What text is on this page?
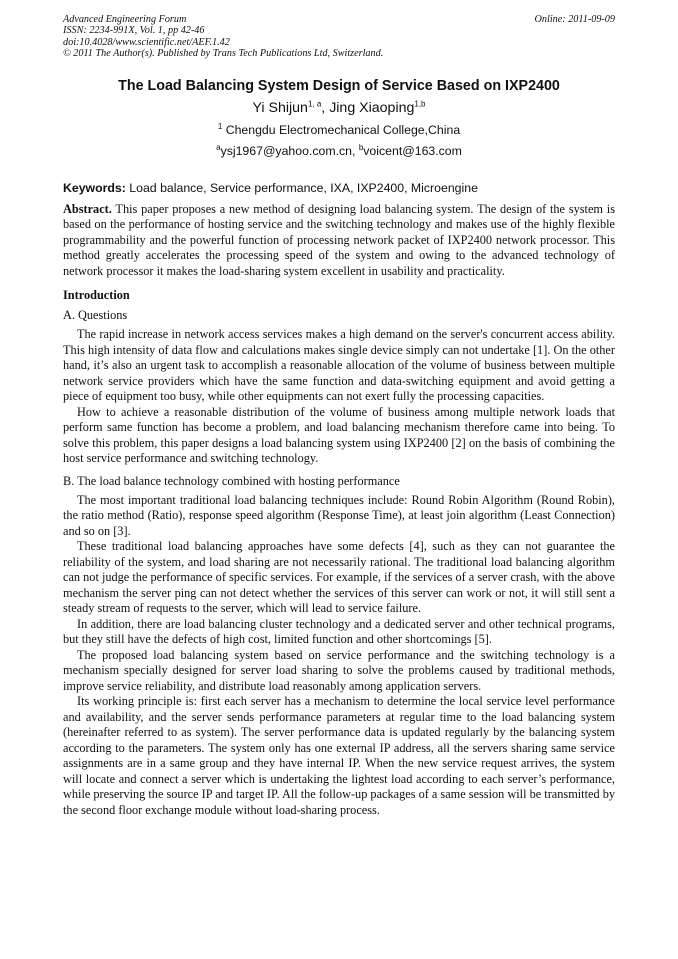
Advanced Engineering Forum
ISSN: 2234-991X, Vol. 1, pp 42-46
doi:10.4028/www.scientific.net/AEF.1.42
© 2011 The Author(s). Published by Trans Tech Publications Ltd, Switzerland.
Online: 2011-09-09
The Load Balancing System Design of Service Based on IXP2400
Yi Shijun$^{1, a}$, Jing Xiaoping$^{1,b}$
$^1$ Chengdu Electromechanical College,China
$^a$ysj1967@yahoo.com.cn, $^b$voicent@163.com
Keywords: Load balance, Service performance, IXA, IXP2400, Microengine

Abstract. This paper proposes a new method of designing load balancing system. The design of the system is based on the performance of hosting service and the switching technology and makes use of the highly flexible programmability and the powerful function of processing network packet of IXP2400 network processor. This method greatly accelerates the processing speed of the system and owing to the advanced technology of network processor it makes the load-sharing system excellent in usability and practicality.

Introduction
A. Questions

The rapid increase in network access services makes a high demand on the server's concurrent access ability. This high intensity of data flow and calculations makes single device simply can not undertake [1]. On the other hand, it’s also an urgent task to accomplish a reasonable allocation of the volume of business between multiple network service providers which have the same function and data-switching equipment and avoid getting a piece of equipment too busy, while other equipments can not exert fully the processing capacities.

How to achieve a reasonable distribution of the volume of business among multiple network loads that perform same function has become a problem, and load balancing mechanism therefore came into being. To solve this problem, this paper designs a load balancing system using IXP2400 [2] on the basis of combining the host service performance and switching technology.

B. The load balance technology combined with hosting performance

The most important traditional load balancing techniques include: Round Robin Algorithm (Round Robin), the ratio method (Ratio), response speed algorithm (Response Time), at least join algorithm (Least Connection) and so on [3].

These traditional load balancing approaches have some defects [4], such as they can not guarantee the reliability of the system, and load sharing are not necessarily rational. The traditional load balancing algorithm can not judge the performance of specific services. For example, if the services of a server crash, with the above mechanism the server ping can not detect whether the services of this server can work or not, it will still sent a steady stream of requests to the server, which will lead to service failure.

In addition, there are load balancing cluster technology and a dedicated server and other technical programs, but they still have the defects of high cost, limited function and other shortcomings [5].

The proposed load balancing system based on service performance and the switching technology is a mechanism specially designed for server load sharing to solve the problems caused by traditional methods, improve service reliability, and distribute load reasonably among application servers.

Its working principle is: first each server has a mechanism to determine the local service level performance and availability, and the server sends performance parameters at regular time to the load balancing system (hereinafter referred to as system). The server performance data is updated regularly by the balancing system according to the parameters. The system only has one external IP address, all the servers sharing same service assignments are in a same group and they have internal IP. When the new service request arrives, the system will locate and connect a server which is undertaking the lightest load according to each server’s performance, while preserving the source IP and target IP. All the follow-up packages of a same session will be transmitted by the second floor exchange module without load-sharing process.
